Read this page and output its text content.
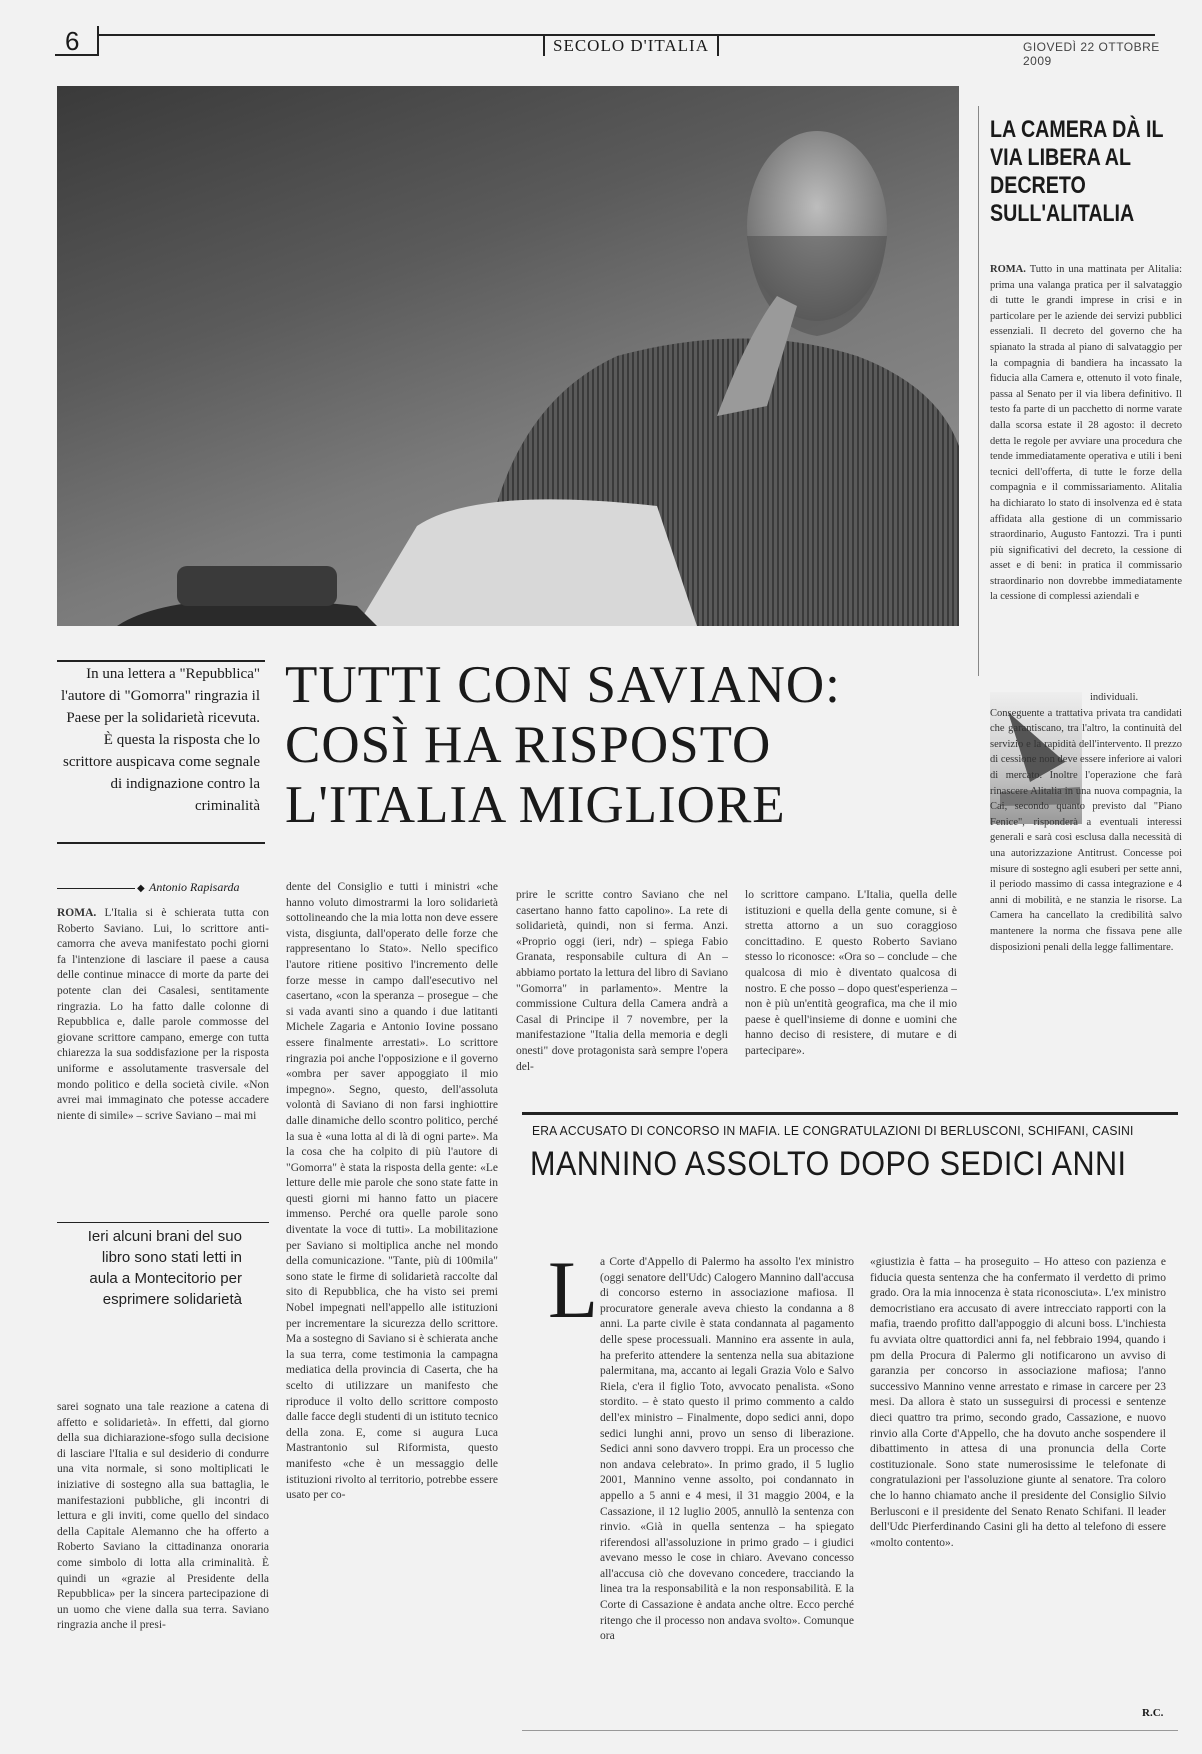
6	SECOLO D'ITALIA	GIOVEDÌ 22 OTTOBRE 2009
LA CAMERA DÀ IL VIA LIBERA AL DECRETO SULL'ALITALIA
ROMA. Tutto in una mattinata per Alitalia: prima una valanga pratica per il salvataggio di tutte le grandi imprese in crisi e in particolare per le aziende dei servizi pubblici essenziali. Il decreto del governo che ha spianato la strada al piano di salvataggio per la compagnia di bandiera ha incassato la fiducia alla Camera e, ottenuto il voto finale, passa al Senato per il via libera definitivo. Il testo fa parte di un pacchetto di norme varate dalla scorsa estate il 28 agosto: il decreto detta le regole per avviare una procedura che tende immediatamente operativa e utili i beni tecnici dell'offerta, di tutte le forze della compagnia e il commissariamento. Alitalia ha dichiarato lo stato di insolvenza ed è stata affidata alla gestione di un commissario straordinario, Augusto Fantozzi. Tra i punti più significativi del decreto, la cessione di asset e di beni: in pratica il commissario straordinario non dovrebbe immediatamente la cessione di complessi aziendali e
individuali. Conseguente a trattativa privata tra candidati che garantiscano, tra l'altro, la continuità del servizio e la rapidità dell'intervento. Il prezzo di cessione non deve essere inferiore ai valori di mercato. Inoltre l'operazione che farà rinascere Alitalia in una nuova compagnia, la Cai, secondo quanto previsto dal "Piano Fenice", risponderà a eventuali interessi generali e sarà così esclusa dalla necessità di una autorizzazione Antitrust. Concesse poi misure di sostegno agli esuberi per sette anni, il periodo massimo di cassa integrazione e 4 anni di mobilità, e ne stanzia le risorse. La Camera ha cancellato la credibilità salvo mantenere la norma che fissava pene alle disposizioni penali della legge fallimentare.
In una lettera a "Repubblica" l'autore di "Gomorra" ringrazia il Paese per la solidarietà ricevuta. È questa la risposta che lo scrittore auspicava come segnale di indignazione contro la criminalità
TUTTI CON SAVIANO:
COSÌ HA RISPOSTO
L'ITALIA MIGLIORE
◆ Antonio Rapisarda
ROMA. L'Italia si è schierata tutta con Roberto Saviano. Lui, lo scrittore anti-camorra che aveva manifestato pochi giorni fa l'intenzione di lasciare il paese a causa delle continue minacce di morte da parte dei potente clan dei Casalesi, sentitamente ringrazia. Lo ha fatto dalle colonne di Repubblica e, dalle parole commosse del giovane scrittore campano, emerge con tutta chiarezza la sua soddisfazione per la risposta uniforme e assolutamente trasversale del mondo politico e della società civile. «Non avrei mai immaginato che potesse accadere niente di simile» – scrive Saviano – mai mi
Ieri alcuni brani del suo libro sono stati letti in aula a Montecitorio per esprimere solidarietà
sarei sognato una tale reazione a catena di affetto e solidarietà». In effetti, dal giorno della sua dichiarazione-sfogo sulla decisione di lasciare l'Italia e sul desiderio di condurre una vita normale, si sono moltiplicati le iniziative di sostegno alla sua battaglia, le manifestazioni pubbliche, gli incontri di lettura e gli inviti, come quello del sindaco della Capitale Alemanno che ha offerto a Roberto Saviano la cittadinanza onoraria come simbolo di lotta alla criminalità. È quindi un «grazie al Presidente della Repubblica» per la sincera partecipazione di un uomo che viene dalla sua terra. Saviano ringrazia anche il presi-
dente del Consiglio e tutti i ministri «che hanno voluto dimostrarmi la loro solidarietà sottolineando che la mia lotta non deve essere vista, disgiunta, dall'operato delle forze che rappresentano lo Stato». Nello specifico l'autore ritiene positivo l'incremento delle forze messe in campo dall'esecutivo nel casertano, «con la speranza – prosegue – che si vada avanti sino a quando i due latitanti Michele Zagaria e Antonio Iovine possano essere finalmente arrestati». Lo scrittore ringrazia poi anche l'opposizione e il governo «ombra per saver appoggiato il mio impegno». Segno, questo, dell'assoluta volontà di Saviano di non farsi inghiottire dalle dinamiche dello scontro politico, perché la sua è «una lotta al di là di ogni parte». Ma la cosa che ha colpito di più l'autore di "Gomorra" è stata la risposta della gente: «Le letture delle mie parole che sono state fatte in questi giorni mi hanno fatto un piacere immenso. Perché ora quelle parole sono diventate la voce di tutti». La mobilitazione per Saviano si moltiplica anche nel mondo della comunicazione. "Tante, più di 100mila" sono state le firme di solidarietà raccolte dal sito di Repubblica, che ha visto sei premi Nobel impegnati nell'appello alle istituzioni per incrementare la sicurezza dello scrittore. Ma a sostegno di Saviano si è schierata anche la sua terra, come testimonia la campagna mediatica della provincia di Caserta, che ha scelto di utilizzare un manifesto che riproduce il volto dello scrittore composto dalle facce degli studenti di un istituto tecnico della zona. E, come si augura Luca Mastrantonio sul Riformista, questo manifesto «che è un messaggio delle istituzioni rivolto al territorio, potrebbe essere usato per co-
prire le scritte contro Saviano che nel casertano hanno fatto capolino». La rete di solidarietà, quindi, non si ferma. Anzi. «Proprio oggi (ieri, ndr) – spiega Fabio Granata, responsabile cultura di An – abbiamo portato la lettura del libro di Saviano "Gomorra" in parlamento». Mentre la commissione Cultura della Camera andrà a Casal di Principe il 7 novembre, per la manifestazione "Italia della memoria e degli onesti" dove protagonista sarà sempre l'opera del-
lo scrittore campano. L'Italia, quella delle istituzioni e quella della gente comune, si è stretta attorno a un suo coraggioso concittadino. E questo Roberto Saviano stesso lo riconosce: «Ora so – conclude – che qualcosa di mio è diventato qualcosa di nostro. E che posso – dopo quest'esperienza – non è più un'entità geografica, ma che il mio paese è quell'insieme di donne e uomini che hanno deciso di resistere, di mutare e di partecipare».
ERA ACCUSATO DI CONCORSO IN MAFIA. LE CONGRATULAZIONI DI BERLUSCONI, SCHIFANI, CASINI
MANNINO ASSOLTO DOPO SEDICI ANNI
L a Corte d'Appello di Palermo ha assolto l'ex ministro (oggi senatore dell'Udc) Calogero Mannino dall'accusa di concorso esterno in associazione mafiosa. Il procuratore generale aveva chiesto la condanna a 8 anni. La parte civile è stata condannata al pagamento delle spese processuali. Mannino era assente in aula, ha preferito attendere la sentenza nella sua abitazione palermitana, ma, accanto ai legali Grazia Volo e Salvo Riela, c'era il figlio Toto, avvocato penalista. «Sono stordito. – è stato questo il primo commento a caldo dell'ex ministro – Finalmente, dopo sedici anni, dopo sedici lunghi anni, provo un senso di liberazione. Sedici anni sono davvero troppi. Era un processo che non andava celebrato». In primo grado, il 5 luglio 2001, Mannino venne assolto, poi condannato in appello a 5 anni e 4 mesi, il 31 maggio 2004, e la Cassazione, il 12 luglio 2005, annullò la sentenza con rinvio. «Già in quella sentenza – ha spiegato riferendosi all'assoluzione in primo grado – i giudici avevano messo le cose in chiaro. Avevano concesso all'accusa ciò che dovevano concedere, tracciando la linea tra la responsabilità e la non responsabilità. E la Corte di Cassazione è andata anche oltre. Ecco perché ritengo che il processo non andava svolto». Comunque ora
«giustizia è fatta – ha proseguito – Ho atteso con pazienza e fiducia questa sentenza che ha confermato il verdetto di primo grado. Ora la mia innocenza è stata riconosciuta». L'ex ministro democristiano era accusato di avere intrecciato rapporti con la mafia, traendo profitto dall'appoggio di alcuni boss. L'inchiesta fu avviata oltre quattordici anni fa, nel febbraio 1994, quando i pm della Procura di Palermo gli notificarono un avviso di garanzia per concorso in associazione mafiosa; l'anno successivo Mannino venne arrestato e rimase in carcere per 23 mesi. Da allora è stato un susseguirsi di processi e sentenze dieci quattro tra primo, secondo grado, Cassazione, e nuovo rinvio alla Corte d'Appello, che ha dovuto anche sospendere il dibattimento in attesa di una pronuncia della Corte costituzionale. Sono state numerosissime le telefonate di congratulazioni per l'assoluzione giunte al senatore. Tra coloro che lo hanno chiamato anche il presidente del Consiglio Silvio Berlusconi e il presidente del Senato Renato Schifani. Il leader dell'Udc Pierferdinando Casini gli ha detto al telefono di essere «molto contento».
R.C.
